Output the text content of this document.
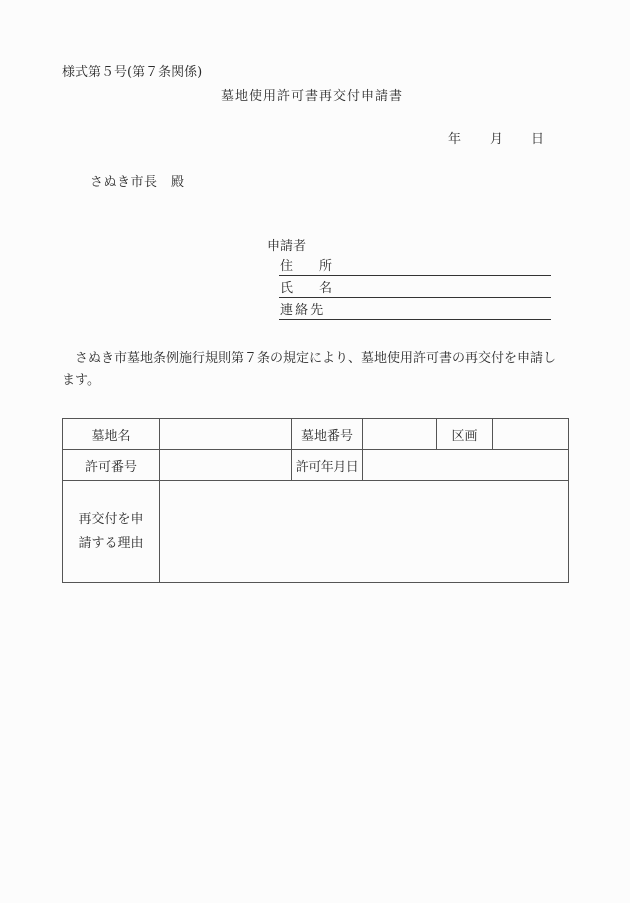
様式第５号(第７条関係)
墓地使用許可書再交付申請書
年 月 日
さぬき市長　殿
申請者
住 所
氏 名
連 絡 先
さぬき市墓地条例施行規則第７条の規定により、墓地使用許可書の再交付を申請します。
墓地名		墓地番号		区画	
許可番号		許可年月日			
再交付を申
請する理由					
